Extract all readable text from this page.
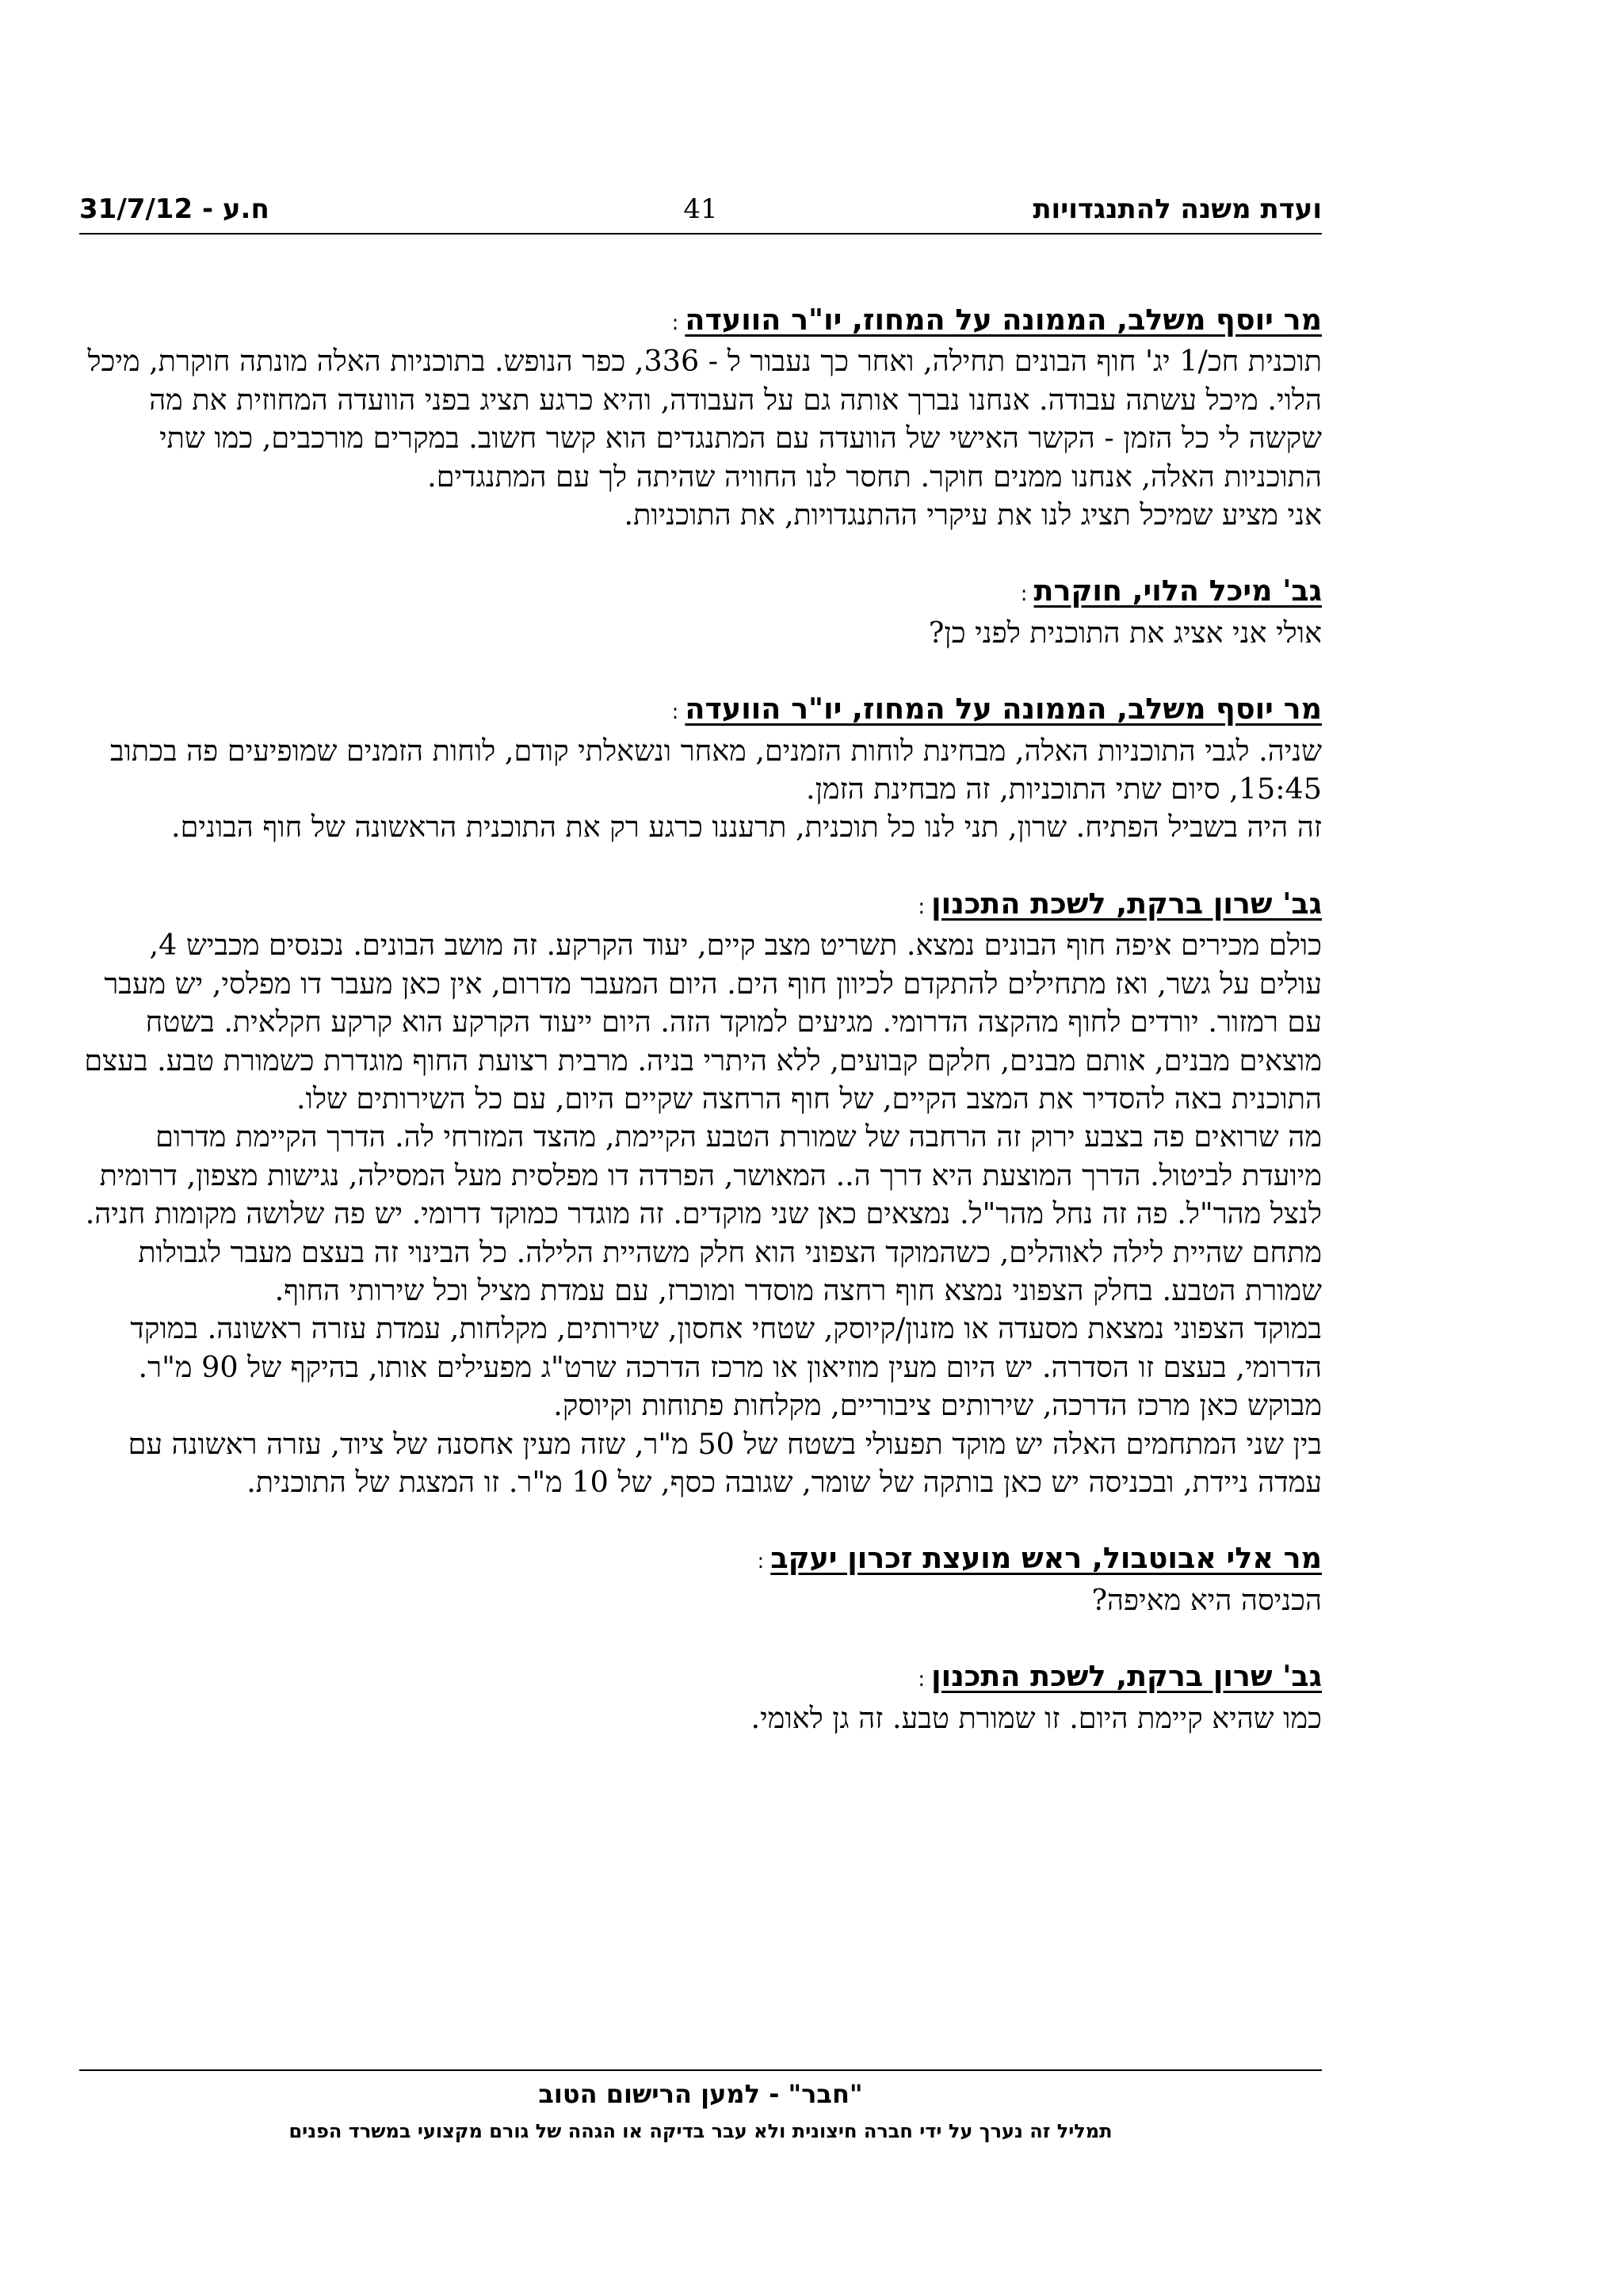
ועדת משנה להתנגדויות
41
ח.ע - 31/7/12
מר יוסף משלב, הממונה על המחוז, יו"ר הוועדה:

תוכנית חכ/1 יג' חוף הבונים תחילה, ואחר כך נעבור ל - 336, כפר הנופש. בתוכניות האלה מונתה חוקרת, מיכל הלוי. מיכל עשתה עבודה. אנחנו נברך אותה גם על העבודה, והיא כרגע תציג בפני הוועדה המחוזית את מה שקשה לי כל הזמן - הקשר האישי של הוועדה עם המתנגדים הוא קשר חשוב. במקרים מורכבים, כמו שתי התוכניות האלה, אנחנו ממנים חוקר. תחסר לנו החוויה שהיתה לך עם המתנגדים.

אני מציע שמיכל תציג לנו את עיקרי ההתנגדויות, את התוכניות.

גב' מיכל הלוי, חוקרת:

אולי אני אציג את התוכנית לפני כן?

מר יוסף משלב, הממונה על המחוז, יו"ר הוועדה:

שניה. לגבי התוכניות האלה, מבחינת לוחות הזמנים, מאחר ונשאלתי קודם, לוחות הזמנים שמופיעים פה בכתוב 15:45, סיום שתי התוכניות, זה מבחינת הזמן.

זה היה בשביל הפתיח. שרון, תני לנו כל תוכנית, תרעננו כרגע רק את התוכנית הראשונה של חוף הבונים.

גב' שרון ברקת, לשכת התכנון:

כולם מכירים איפה חוף הבונים נמצא. תשריט מצב קיים, יעוד הקרקע. זה מושב הבונים. נכנסים מכביש 4, עולים על גשר, ואז מתחילים להתקדם לכיוון חוף הים. היום המעבר מדרום, אין כאן מעבר דו מפלסי, יש מעבר עם רמזור. יורדים לחוף מהקצה הדרומי. מגיעים למוקד הזה. היום ייעוד הקרקע הוא קרקע חקלאית. בשטח מוצאים מבנים, אותם מבנים, חלקם קבועים, ללא היתרי בניה. מרבית רצועת החוף מוגדרת כשמורת טבע. בעצם התוכנית באה להסדיר את המצב הקיים, של חוף הרחצה שקיים היום, עם כל השירותים שלו.

מה שרואים פה בצבע ירוק זה הרחבה של שמורת הטבע הקיימת, מהצד המזרחי לה. הדרך הקיימת מדרום מיועדת לביטול. הדרך המוצעת היא דרך ה.. המאושר, הפרדה דו מפלסית מעל המסילה, נגישות מצפון, דרומית לנצל מהר"ל. פה זה נחל מהר"ל. נמצאים כאן שני מוקדים. זה מוגדר כמוקד דרומי. יש פה שלושה מקומות חניה. מתחם שהיית לילה לאוהלים, כשהמוקד הצפוני הוא חלק משהיית הלילה. כל הבינוי זה בעצם מעבר לגבולות שמורת הטבע. בחלק הצפוני נמצא חוף רחצה מוסדר ומוכרז, עם עמדת מציל וכל שירותי החוף.

במוקד הצפוני נמצאת מסעדה או מזנון/קיוסק, שטחי אחסון, שירותים, מקלחות, עמדת עזרה ראשונה. במוקד הדרומי, בעצם זו הסדרה. יש היום מעין מוזיאון או מרכז הדרכה שרט"ג מפעילים אותו, בהיקף של 90 מ"ר. מבוקש כאן מרכז הדרכה, שירותים ציבוריים, מקלחות פתוחות וקיוסק.

בין שני המתחמים האלה יש מוקד תפעולי בשטח של 50 מ"ר, שזה מעין אחסנה של ציוד, עזרה ראשונה עם עמדה ניידת, ובכניסה יש כאן בותקה של שומר, שגובה כסף, של 10 מ"ר. זו המצגת של התוכנית.

מר אלי אבוטבול, ראש מועצת זכרון יעקב:

הכניסה היא מאיפה?

גב' שרון ברקת, לשכת התכנון:

כמו שהיא קיימת היום. זו שמורת טבע. זה גן לאומי.

"חבר" - למען הרישום הטוב
תמליל זה נערך על ידי חברה חיצונית ולא עבר בדיקה או הגהה של גורם מקצועי במשרד הפנים
